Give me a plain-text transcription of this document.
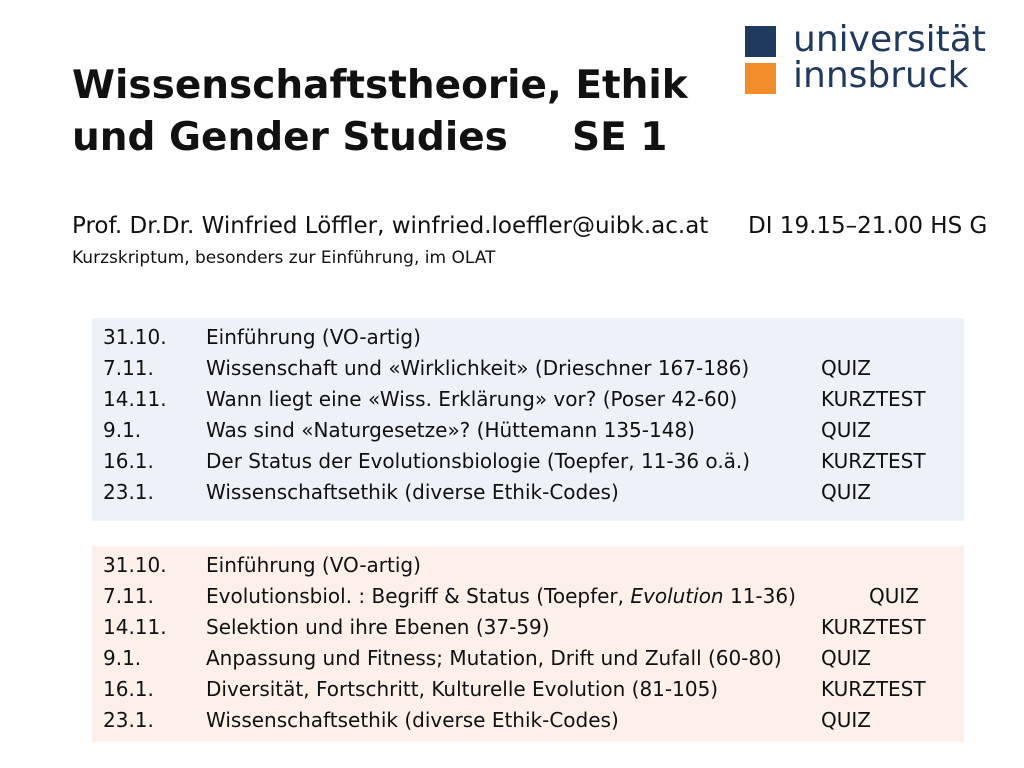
Wissenschaftstheorie, Ethik
und Gender Studies SE 1
universität
innsbruck
Prof. Dr.Dr. Winfried Löffler, winfried.loeffler@uibk.ac.at DI 19.15–21.00 HS G
Kurzskriptum, besonders zur Einführung, im OLAT
31.10. Einführung (VO-artig)
7.11.	Wissenschaft und «Wirklichkeit» (Drieschner 167-186)	QUIZ
14.11. Wann liegt eine «Wiss. Erklärung» vor? (Poser 42-60)	KURZTEST
9.1.	Was sind «Naturgesetze»? (Hüttemann 135-148)	QUIZ
16.1.	Der Status der Evolutionsbiologie (Toepfer, 11-36 o.ä.)	KURZTEST
23.1.	Wissenschaftsethik (diverse Ethik-Codes)	QUIZ
31.10. Einführung (VO-artig)
7.11.	Evolutionsbiol. : Begriff & Status (Toepfer, Evolution 11-36)	QUIZ
14.11. Selektion und ihre Ebenen (37-59)	KURZTEST
9.1.	Anpassung und Fitness; Mutation, Drift und Zufall (60-80) QUIZ
16.1.	Diversität, Fortschritt, Kulturelle Evolution (81-105)	KURZTEST
23.1.	Wissenschaftsethik (diverse Ethik-Codes)	QUIZ
